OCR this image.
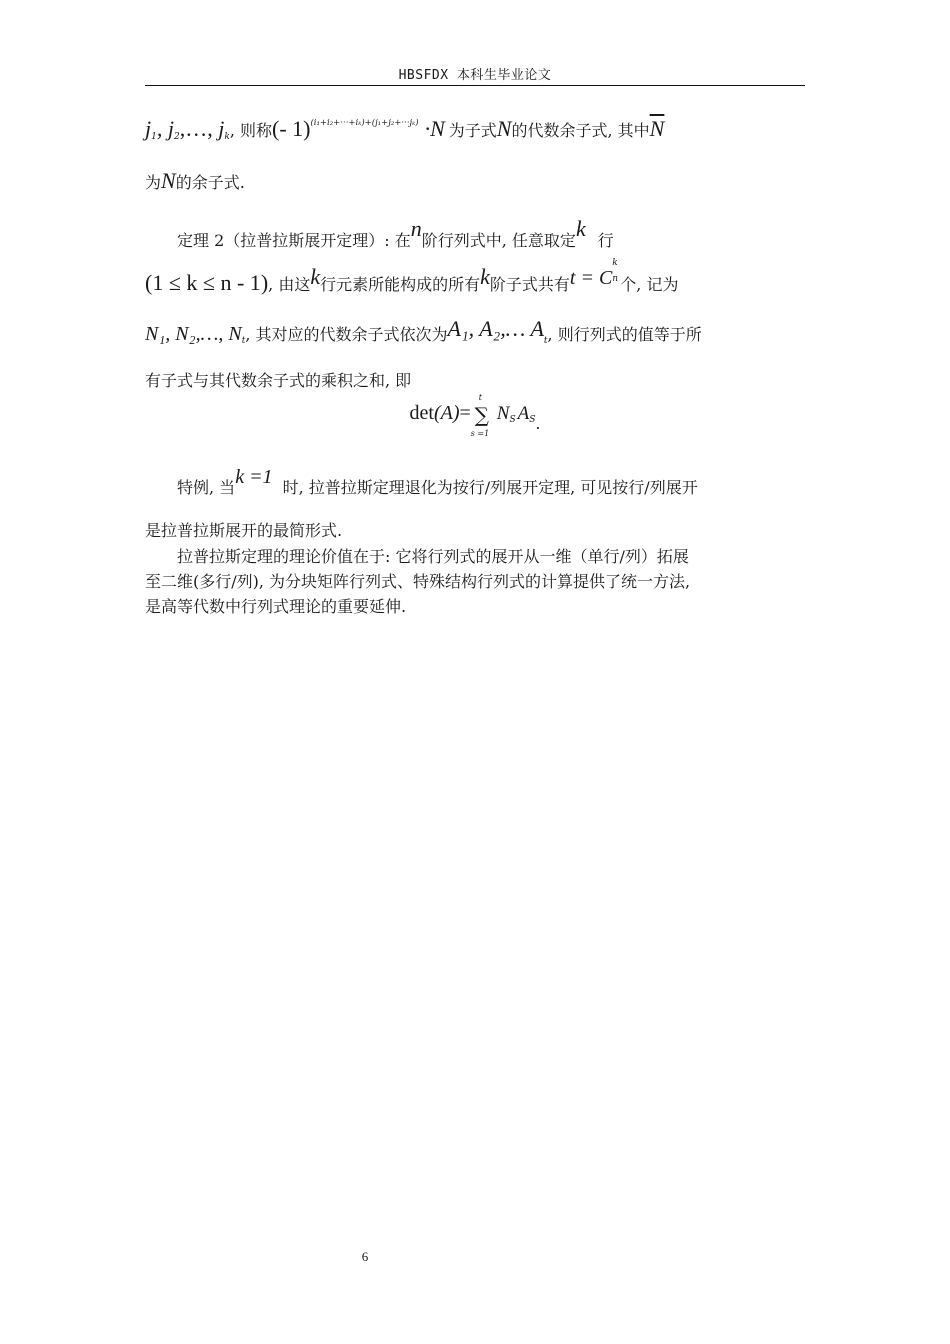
HBSFDX 本科生毕业论文
$j_1$, $j_2,\dots$, $j_k$, 则称(- 1)$^{(i_1+i_2+\cdot\cdot\cdot+i_k)+(j_1+j_2+\cdot\cdot\cdot j_k)}$ ·N 为子式N的代数余子式, 其中$\overline{N}$
为N的余子式.
定理 2（拉普拉斯展开定理）: 在n阶行列式中, 任意取定k 行
(1 ≤ k ≤ n - 1), 由这k行元素所能构成的所有k阶子式共有t = C
k
n 个, 记为
N₁, N₂,…, $N_t$, 其对应的代数余子式依次为A₁, A₂,… $A_t$, 则行列式的值等于所
有子式与其代数余子式的乘积之和, 即
det(A)= ∑
t
s =1
$N_S$ $A_S$.
特例, 当k =1 时, 拉普拉斯定理退化为按行/列展开定理, 可见按行/列展开
是拉普拉斯展开的最简形式.
拉普拉斯定理的理论价值在于: 它将行列式的展开从一维（单行/列）拓展
至二维(多行/列), 为分块矩阵行列式、特殊结构行列式的计算提供了统一方法,
是高等代数中行列式理论的重要延伸.
6
